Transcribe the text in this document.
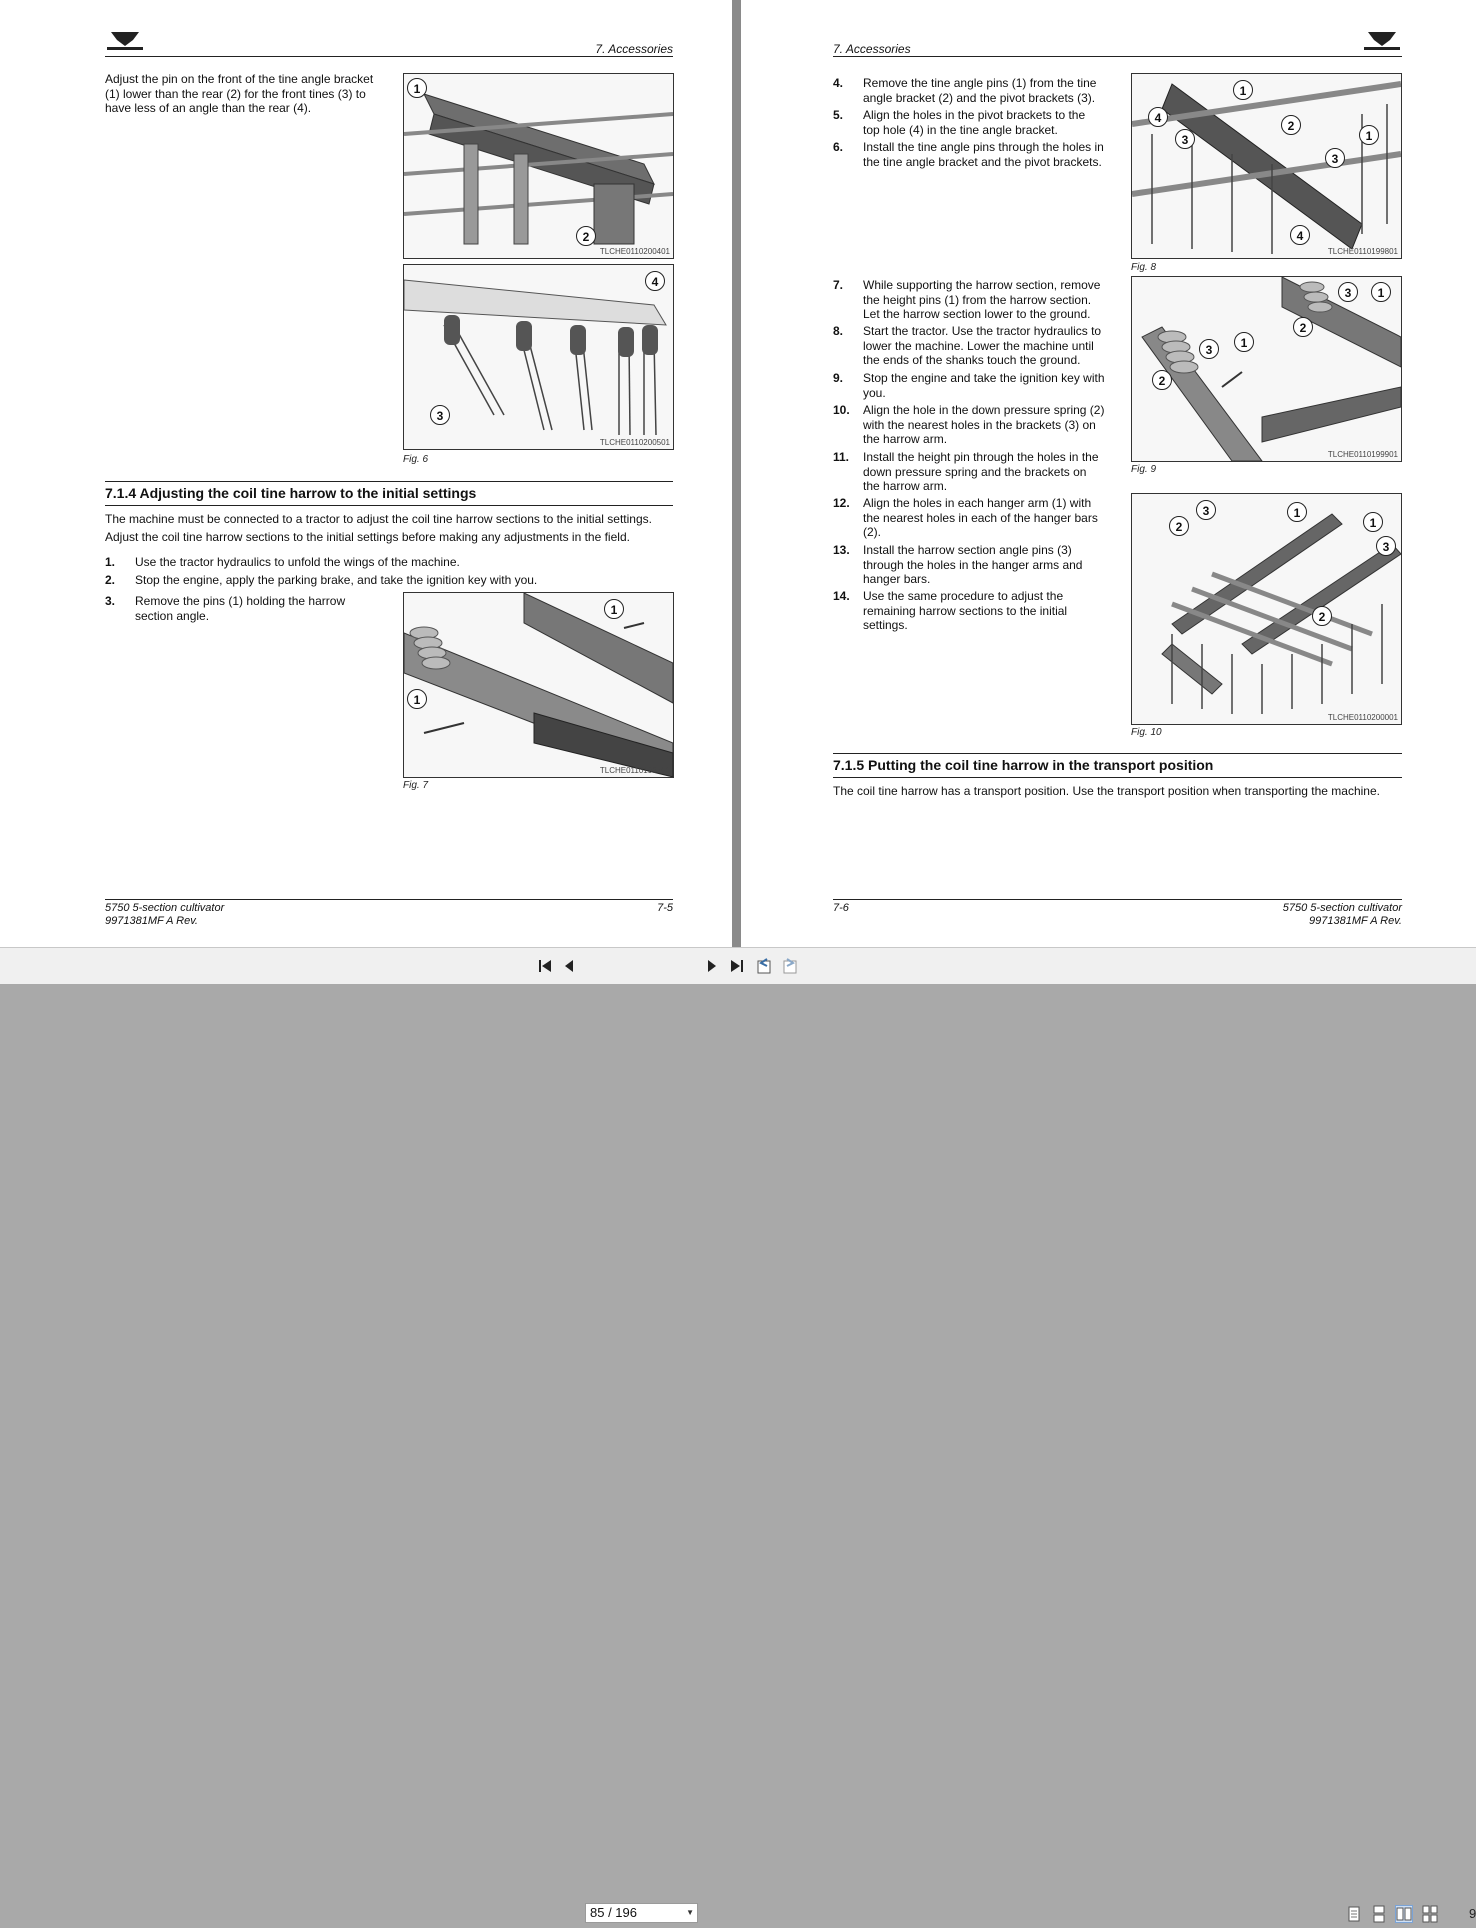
7. Accessories
Adjust the pin on the front of the tine angle bracket
(1) lower than the rear (2) for the front tines (3) to
have less of an angle than the rear (4).
1
2
TLCHE0110200401
4
3
TLCHE0110200501
Fig. 6
7.1.4 Adjusting the coil tine harrow to the initial settings
The machine must be connected to a tractor to adjust the coil tine harrow sections to the initial settings.
Adjust the coil tine harrow sections to the initial settings before making any adjustments in the field.
1. Use the tractor hydraulics to unfold the wings of the machine.
2. Stop the engine, apply the parking brake, and take the ignition key with you.
3. Remove the pins (1) holding the harrow
section angle.	1
1
TLCHE0110199701
Fig. 7
5750 5-section cultivator
9971381MF A Rev.
7-5
7. Accessories
4. Remove the tine angle pins (1) from the tine
angle bracket (2) and the pivot brackets (3).
5. Align the holes in the pivot brackets to the
top hole (4) in the tine angle bracket.
6. Install the tine angle pins through the holes in
the tine angle bracket and the pivot brackets.
1
4
3
2
1
3
4
TLCHE0110199801
Fig. 8
7. While supporting the harrow section, remove
the height pins (1) from the harrow section.
Let the harrow section lower to the ground.
8. Start the tractor. Use the tractor hydraulics to
lower the machine. Lower the machine until
the ends of the shanks touch the ground.
9. Stop the engine and take the ignition key with
you.
10. Align the hole in the down pressure spring (2)
with the nearest holes in the brackets (3) on
the harrow arm.
11. Install the height pin through the holes in the
down pressure spring and the brackets on
the harrow arm.
12. Align the holes in each hanger arm (1) with
the nearest holes in each of the hanger bars
(2).
13. Install the harrow section angle pins (3)
through the holes in the hanger arms and
hanger bars.
14. Use the same procedure to adjust the
remaining harrow sections to the initial
settings.
3	1
2
3	1
2
TLCHE0110199901
Fig. 9
2
3	1
1
3
2
TLCHE0110200001
Fig. 10
7.1.5 Putting the coil tine harrow in the transport position
The coil tine harrow has a transport position. Use the transport position when transporting the machine.
7-6	5750 5-section cultivator
9971381MF A Rev.
85 / 196	▼	9
